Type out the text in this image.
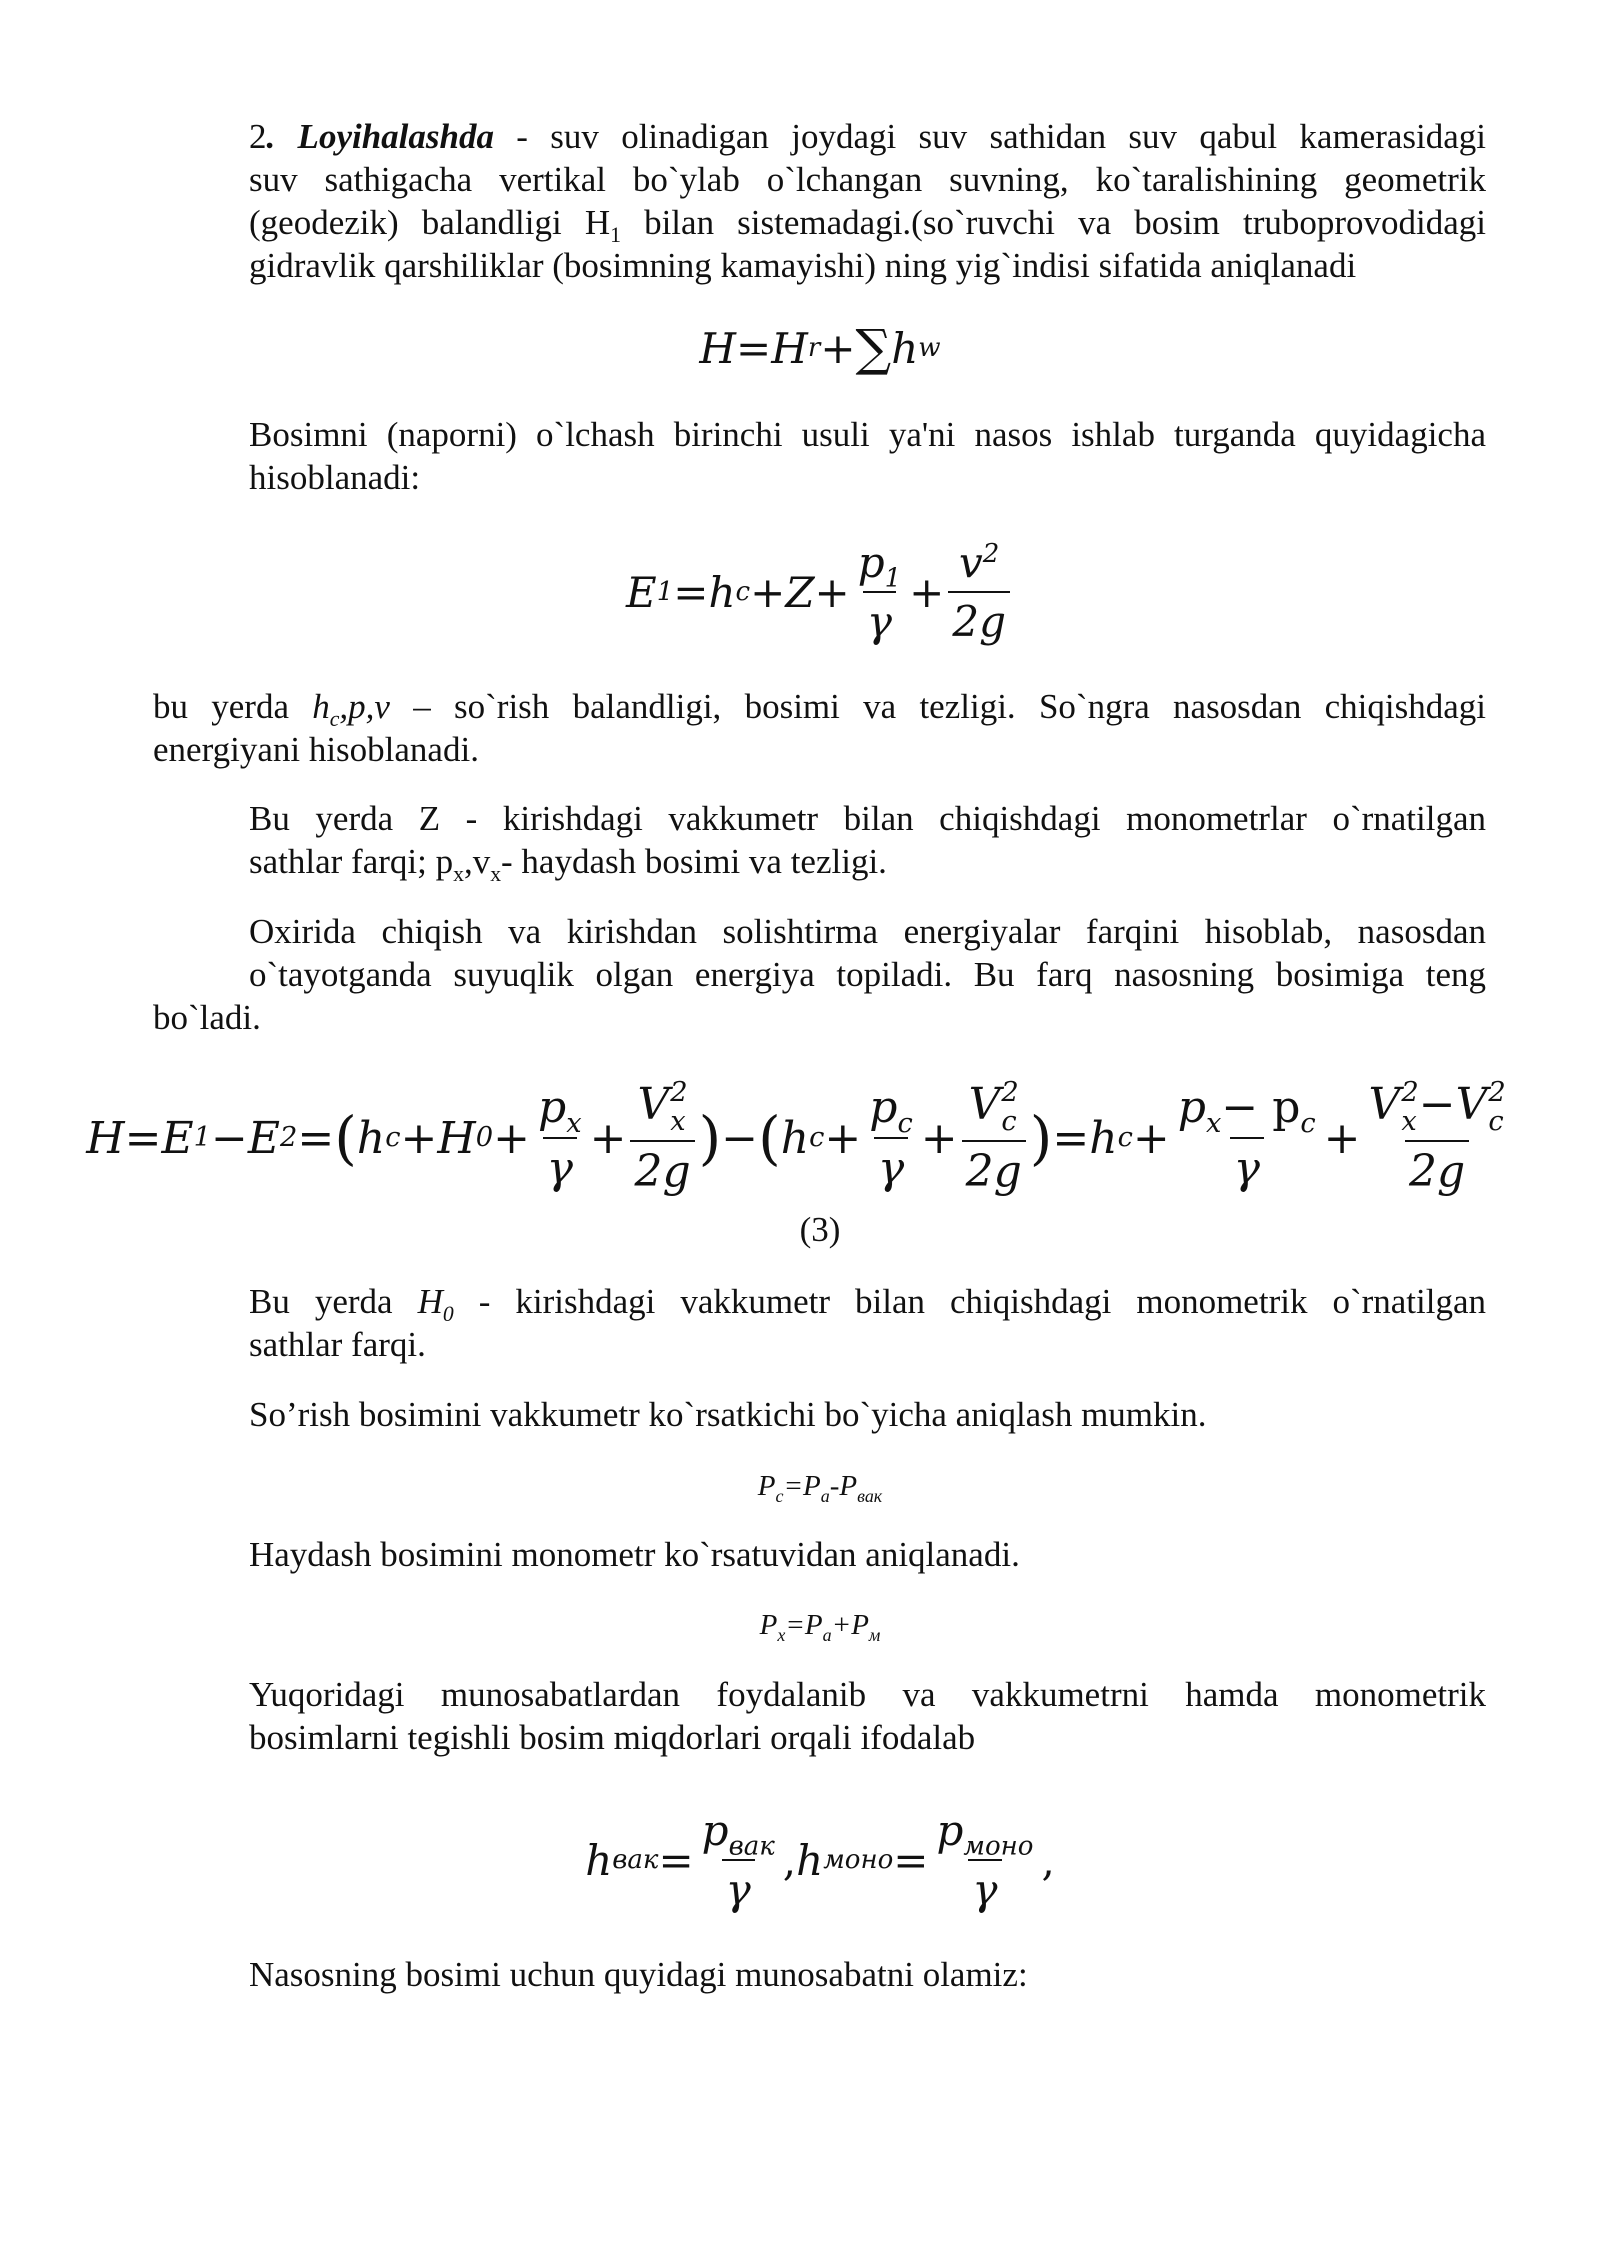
2. Loyihalashda - suv olinadigan joydagi suv sathidan suv qabul kamerasidagi
suv sathigacha vertikal bo`ylab o`lchangan suvning, ko`taralishining geometrik
(geodezik) balandligi $H_1$ bilan sistemadagi.(so`ruvchi va bosim truboprovodidagi
gidravlik qarshiliklar (bosimning kamayishi) ning yig`indisi sifatida aniqlanadi

H = H r + ∑ h w

Bosimni (naporni) o`lchash birinchi usuli ya'ni nasos ishlab turganda quyidagicha
hisoblanadi:

E 1 = h $c + Z + \frac{p_1}{\gamma} + \frac{v^2}{2g}$

bu yerda $h_c,p,v$ – so`rish balandligi, bosimi va tezligi. So`ngra nasosdan chiqishdagi
energiyani hisoblanadi.

Bu yerda Z - kirishdagi vakkumetr bilan chiqishdagi monometrlar o`rnatilgan
sathlar farqi; $p_x,v_x-$ haydash bosimi va tezligi.

Oxirida chiqish va kirishdan solishtirma energiyalar farqini hisoblab, nasosdan
o`tayotganda suyuqlik olgan energiya topiladi. Bu farq nasosning bosimiga teng bo`ladi.

H = E 1 − E 2 = ( h c + H $0 + \frac{p_x}{\gamma} + V$ 2
x
2g ) − ( h $c + \frac{p_c}{\gamma} + V$ 2
c
2g ) = h $c + \frac{p_x- p_c}{\gamma} + V$ 2
x −V 2
c
2g
(3)

Bu yerda $H_0$ - kirishdagi vakkumetr bilan chiqishdagi monometrik o`rnatilgan
sathlar farqi.

So’rish bosimini vakkumetr ko`rsatkichi bo`yicha aniqlash mumkin.

$P_с=P_a-P_{вак}$

Haydash bosimini monometr ko`rsatuvidan aniqlanadi.

$P_x=P_a+P_м$

Yuqoridagi munosabatlardan foydalanib va vakkumetrni hamda monometrik
bosimlarni tegishli bosim miqdorlari orqali ifodalab

h вак = $\frac{p_{вак}}{\gamma}$ , h моно = $\frac{p_{моно}}{\gamma}$ ,

Nasosning bosimi uchun quyidagi munosabatni olamiz:
